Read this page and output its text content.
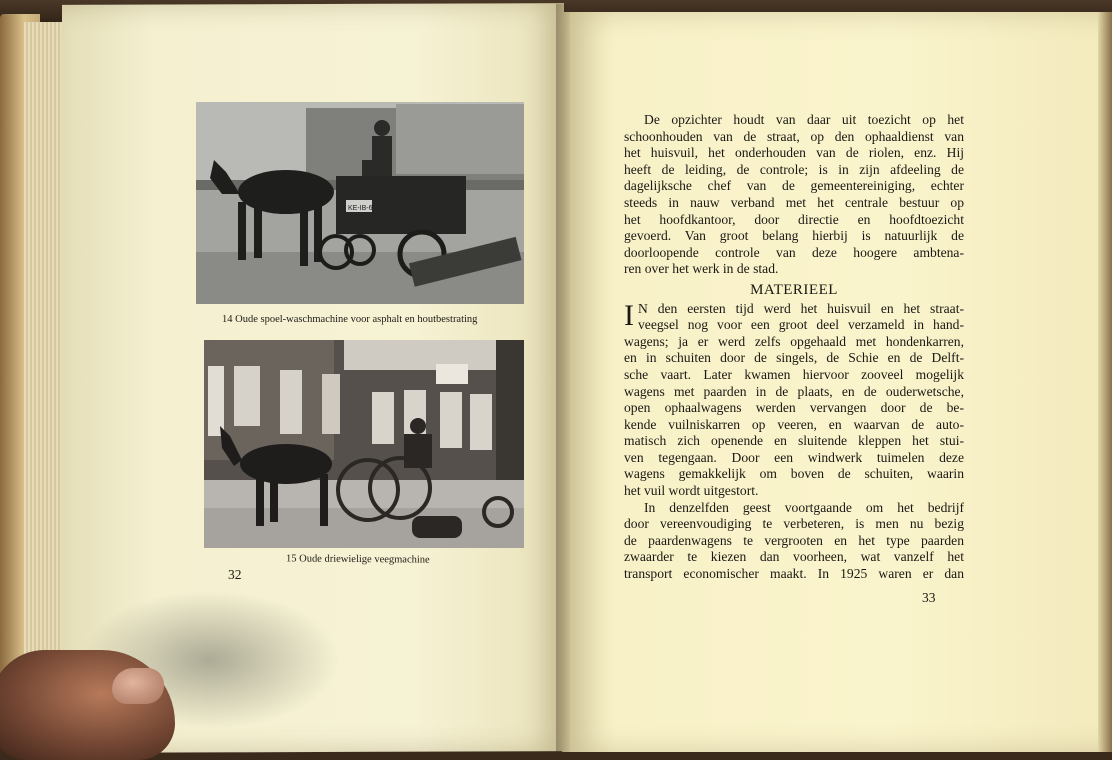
KE-IB-6
14 Oude spoel-waschmachine voor asphalt en houtbestrating
15 Oude driewielige veegmachine
32
De opzichter houdt van daar uit toezicht op het
schoonhouden van de straat, op den ophaaldienst van
het huisvuil, het onderhouden van de riolen, enz. Hij
heeft de leiding, de controle; is in zijn afdeeling de
dagelijksche chef van de gemeentereiniging, echter
steeds in nauw verband met het centrale bestuur op
het hoofdkantoor, door directie en hoofdtoezicht
gevoerd. Van groot belang hierbij is natuurlijk de
doorloopende controle van deze hoogere ambtena-
ren over het werk in de stad.
MATERIEEL
I N den eersten tijd werd het huisvuil en het straat-
veegsel nog voor een groot deel verzameld in hand-
wagens; ja er werd zelfs opgehaald met hondenkarren,
en in schuiten door de singels, de Schie en de Delft-
sche vaart. Later kwamen hiervoor zooveel mogelijk
wagens met paarden in de plaats, en de ouderwetsche,
open ophaalwagens werden vervangen door de be-
kende vuilniskarren op veeren, en waarvan de auto-
matisch zich openende en sluitende kleppen het stui-
ven tegengaan. Door een windwerk tuimelen deze
wagens gemakkelijk om boven de schuiten, waarin
het vuil wordt uitgestort.
In denzelfden geest voortgaande om het bedrijf
door vereenvoudiging te verbeteren, is men nu bezig
de paardenwagens te vergrooten en het type paarden
zwaarder te kiezen dan voorheen, wat vanzelf het
transport economischer maakt. In 1925 waren er dan
33
